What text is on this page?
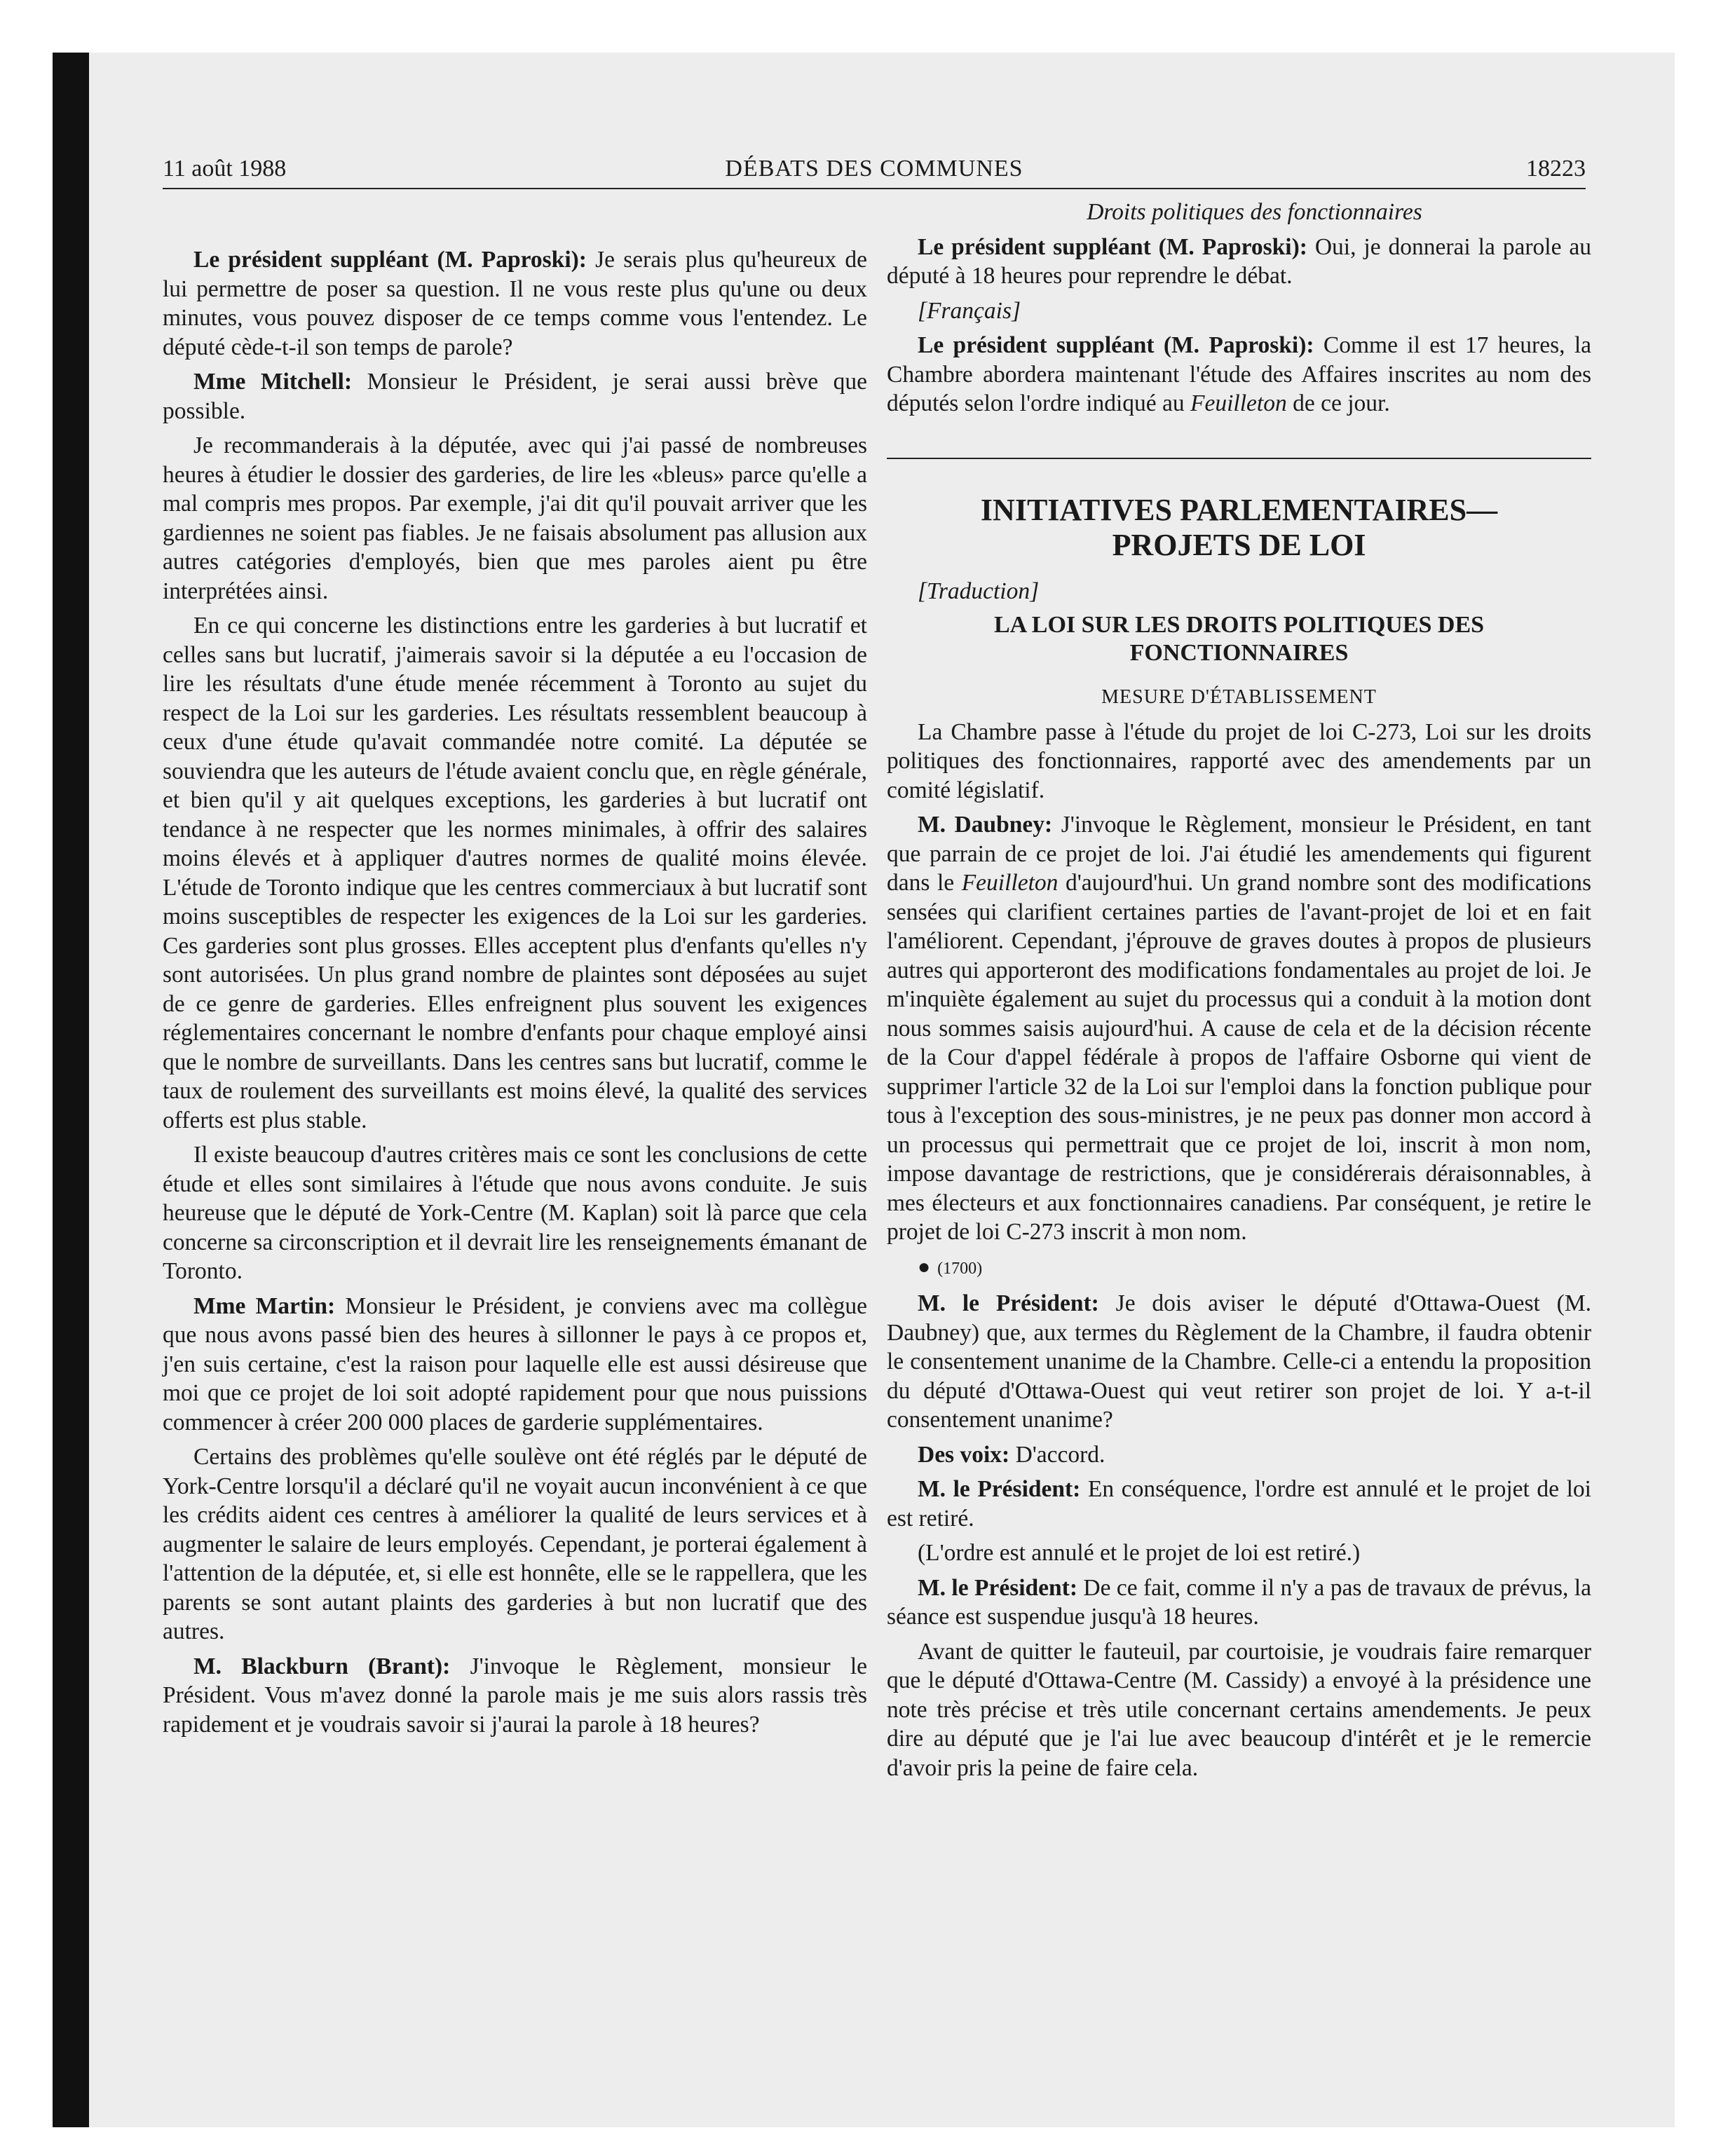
11 août 1988	DÉBATS DES COMMUNES	18223

Le président suppléant (M. Paproski): Je serais plus qu'heureux de lui permettre de poser sa question. Il ne vous reste plus qu'une ou deux minutes, vous pouvez disposer de ce temps comme vous l'entendez. Le député cède-t-il son temps de parole?

Mme Mitchell: Monsieur le Président, je serai aussi brève que possible.

Je recommanderais à la députée, avec qui j'ai passé de nombreuses heures à étudier le dossier des garderies, de lire les «bleus» parce qu'elle a mal compris mes propos. Par exemple, j'ai dit qu'il pouvait arriver que les gardiennes ne soient pas fiables. Je ne faisais absolument pas allusion aux autres catégories d'employés, bien que mes paroles aient pu être interprétées ainsi.

En ce qui concerne les distinctions entre les garderies à but lucratif et celles sans but lucratif, j'aimerais savoir si la députée a eu l'occasion de lire les résultats d'une étude menée récemment à Toronto au sujet du respect de la Loi sur les garderies. Les résultats ressemblent beaucoup à ceux d'une étude qu'avait commandée notre comité. La députée se souviendra que les auteurs de l'étude avaient conclu que, en règle générale, et bien qu'il y ait quelques exceptions, les garderies à but lucratif ont tendance à ne respecter que les normes minimales, à offrir des salaires moins élevés et à appliquer d'autres normes de qualité moins élevée. L'étude de Toronto indique que les centres commerciaux à but lucratif sont moins susceptibles de respecter les exigences de la Loi sur les garderies. Ces garderies sont plus grosses. Elles acceptent plus d'enfants qu'elles n'y sont autorisées. Un plus grand nombre de plaintes sont déposées au sujet de ce genre de garderies. Elles enfreignent plus souvent les exigences réglementaires concernant le nombre d'enfants pour chaque employé ainsi que le nombre de surveillants. Dans les centres sans but lucratif, comme le taux de roulement des surveillants est moins élevé, la qualité des services offerts est plus stable.

Il existe beaucoup d'autres critères mais ce sont les conclusions de cette étude et elles sont similaires à l'étude que nous avons conduite. Je suis heureuse que le député de York-Centre (M. Kaplan) soit là parce que cela concerne sa circonscription et il devrait lire les renseignements émanant de Toronto.

Mme Martin: Monsieur le Président, je conviens avec ma collègue que nous avons passé bien des heures à sillonner le pays à ce propos et, j'en suis certaine, c'est la raison pour laquelle elle est aussi désireuse que moi que ce projet de loi soit adopté rapidement pour que nous puissions commencer à créer 200 000 places de garderie supplémentaires.

Certains des problèmes qu'elle soulève ont été réglés par le député de York-Centre lorsqu'il a déclaré qu'il ne voyait aucun inconvénient à ce que les crédits aident ces centres à améliorer la qualité de leurs services et à augmenter le salaire de leurs employés. Cependant, je porterai également à l'attention de la députée, et, si elle est honnête, elle se le rappellera, que les parents se sont autant plaints des garderies à but non lucratif que des autres.

M. Blackburn (Brant): J'invoque le Règlement, monsieur le Président. Vous m'avez donné la parole mais je me suis alors rassis très rapidement et je voudrais savoir si j'aurai la parole à 18 heures?

Droits politiques des fonctionnaires

Le président suppléant (M. Paproski): Oui, je donnerai la parole au député à 18 heures pour reprendre le débat.

[Français]

Le président suppléant (M. Paproski): Comme il est 17 heures, la Chambre abordera maintenant l'étude des Affaires inscrites au nom des députés selon l'ordre indiqué au Feuilleton de ce jour.

INITIATIVES PARLEMENTAIRES—
PROJETS DE LOI

[Traduction]

LA LOI SUR LES DROITS POLITIQUES DES
FONCTIONNAIRES
MESURE D'ÉTABLISSEMENT

La Chambre passe à l'étude du projet de loi C-273, Loi sur les droits politiques des fonctionnaires, rapporté avec des amendements par un comité législatif.

M. Daubney: J'invoque le Règlement, monsieur le Président, en tant que parrain de ce projet de loi. J'ai étudié les amendements qui figurent dans le Feuilleton d'aujourd'hui. Un grand nombre sont des modifications sensées qui clarifient certaines parties de l'avant-projet de loi et en fait l'améliorent. Cependant, j'éprouve de graves doutes à propos de plusieurs autres qui apporteront des modifications fondamentales au projet de loi. Je m'inquiète également au sujet du processus qui a conduit à la motion dont nous sommes saisis aujourd'hui. A cause de cela et de la décision récente de la Cour d'appel fédérale à propos de l'affaire Osborne qui vient de supprimer l'article 32 de la Loi sur l'emploi dans la fonction publique pour tous à l'exception des sous-ministres, je ne peux pas donner mon accord à un processus qui permettrait que ce projet de loi, inscrit à mon nom, impose davantage de restrictions, que je considérerais déraisonnables, à mes électeurs et aux fonctionnaires canadiens. Par conséquent, je retire le projet de loi C-273 inscrit à mon nom.

● (1700)

M. le Président: Je dois aviser le député d'Ottawa-Ouest (M. Daubney) que, aux termes du Règlement de la Chambre, il faudra obtenir le consentement unanime de la Chambre. Celle-ci a entendu la proposition du député d'Ottawa-Ouest qui veut retirer son projet de loi. Y a-t-il consentement unanime?

Des voix: D'accord.

M. le Président: En conséquence, l'ordre est annulé et le projet de loi est retiré.

(L'ordre est annulé et le projet de loi est retiré.)

M. le Président: De ce fait, comme il n'y a pas de travaux de prévus, la séance est suspendue jusqu'à 18 heures.

Avant de quitter le fauteuil, par courtoisie, je voudrais faire remarquer que le député d'Ottawa-Centre (M. Cassidy) a envoyé à la présidence une note très précise et très utile concernant certains amendements. Je peux dire au député que je l'ai lue avec beaucoup d'intérêt et je le remercie d'avoir pris la peine de faire cela.
